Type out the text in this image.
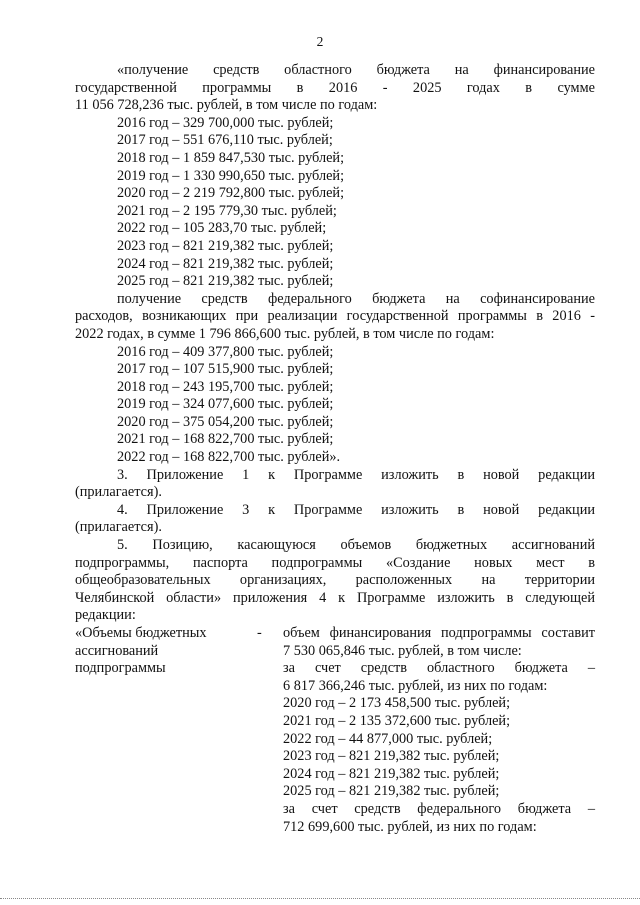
2
«получение средств областного бюджета на финансирование
государственной программы в 2016 - 2025 годах в сумме
11 056 728,236 тыс. рублей, в том числе по годам:
2016 год – 329 700,000 тыс. рублей;
2017 год – 551 676,110 тыс. рублей;
2018 год – 1 859 847,530 тыс. рублей;
2019 год – 1 330 990,650 тыс. рублей;
2020 год – 2 219 792,800 тыс. рублей;
2021 год – 2 195 779,30 тыс. рублей;
2022 год – 105 283,70 тыс. рублей;
2023 год – 821 219,382 тыс. рублей;
2024 год – 821 219,382 тыс. рублей;
2025 год – 821 219,382 тыс. рублей;
получение средств федерального бюджета на софинансирование
расходов, возникающих при реализации государственной программы в 2016 -
2022 годах, в сумме 1 796 866,600 тыс. рублей, в том числе по годам:
2016 год – 409 377,800 тыс. рублей;
2017 год – 107 515,900 тыс. рублей;
2018 год – 243 195,700 тыс. рублей;
2019 год – 324 077,600 тыс. рублей;
2020 год – 375 054,200 тыс. рублей;
2021 год – 168 822,700 тыс. рублей;
2022 год – 168 822,700 тыс. рублей».
3. Приложение 1 к Программе изложить в новой редакции
(прилагается).
4. Приложение 3 к Программе изложить в новой редакции
(прилагается).
5. Позицию, касающуюся объемов бюджетных ассигнований
подпрограммы, паспорта подпрограммы «Создание новых мест в
общеобразовательных организациях, расположенных на территории
Челябинской области» приложения 4 к Программе изложить в следующей
редакции:
«Объемы бюджетных
ассигнований
подпрограммы
- объем финансирования подпрограммы составит
7 530 065,846 тыс. рублей, в том числе:
за счет средств областного бюджета –
6 817 366,246 тыс. рублей, из них по годам:
2020 год – 2 173 458,500 тыс. рублей;
2021 год – 2 135 372,600 тыс. рублей;
2022 год – 44 877,000 тыс. рублей;
2023 год – 821 219,382 тыс. рублей;
2024 год – 821 219,382 тыс. рублей;
2025 год – 821 219,382 тыс. рублей;
за счет средств федерального бюджета –
712 699,600 тыс. рублей, из них по годам:
